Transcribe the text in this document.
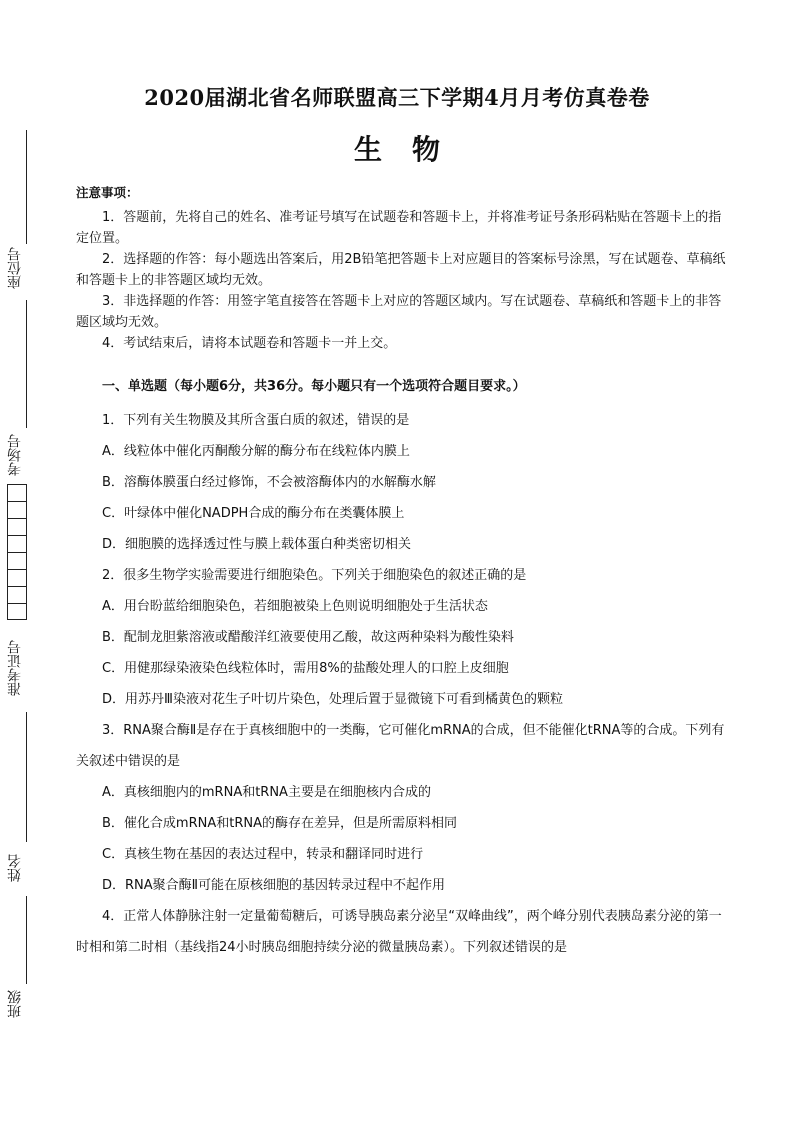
座位号
考场号
准考证号
姓名
班级
2020届湖北省名师联盟高三下学期4月月考仿真卷卷
生物
注意事项：

1．答题前，先将自己的姓名、准考证号填写在试题卷和答题卡上，并将准考证号条形码粘贴在答题卡上的指定位置。

2．选择题的作答：每小题选出答案后，用2B铅笔把答题卡上对应题目的答案标号涂黑，写在试题卷、草稿纸和答题卡上的非答题区域均无效。

3．非选择题的作答：用签字笔直接答在答题卡上对应的答题区域内。写在试题卷、草稿纸和答题卡上的非答题区域均无效。

4．考试结束后，请将本试题卷和答题卡一并上交。

一、单选题（每小题6分，共36分。每小题只有一个选项符合题目要求。）

1．下列有关生物膜及其所含蛋白质的叙述，错误的是

A．线粒体中催化丙酮酸分解的酶分布在线粒体内膜上

B．溶酶体膜蛋白经过修饰，不会被溶酶体内的水解酶水解

C．叶绿体中催化NADPH合成的酶分布在类囊体膜上

D．细胞膜的选择透过性与膜上载体蛋白种类密切相关

2．很多生物学实验需要进行细胞染色。下列关于细胞染色的叙述正确的是

A．用台盼蓝给细胞染色，若细胞被染上色则说明细胞处于生活状态

B．配制龙胆紫溶液或醋酸洋红液要使用乙酸，故这两种染料为酸性染料

C．用健那绿染液染色线粒体时，需用8%的盐酸处理人的口腔上皮细胞

D．用苏丹Ⅲ染液对花生子叶切片染色，处理后置于显微镜下可看到橘黄色的颗粒

3．RNA聚合酶Ⅱ是存在于真核细胞中的一类酶，它可催化mRNA的合成，但不能催化tRNA等的合成。下列有关叙述中错误的是

A．真核细胞内的mRNA和tRNA主要是在细胞核内合成的

B．催化合成mRNA和tRNA的酶存在差异，但是所需原料相同

C．真核生物在基因的表达过程中，转录和翻译同时进行

D．RNA聚合酶Ⅱ可能在原核细胞的基因转录过程中不起作用

4．正常人体静脉注射一定量葡萄糖后，可诱导胰岛素分泌呈“双峰曲线”，两个峰分别代表胰岛素分泌的第一时相和第二时相（基线指24小时胰岛细胞持续分泌的微量胰岛素）。下列叙述错误的是
